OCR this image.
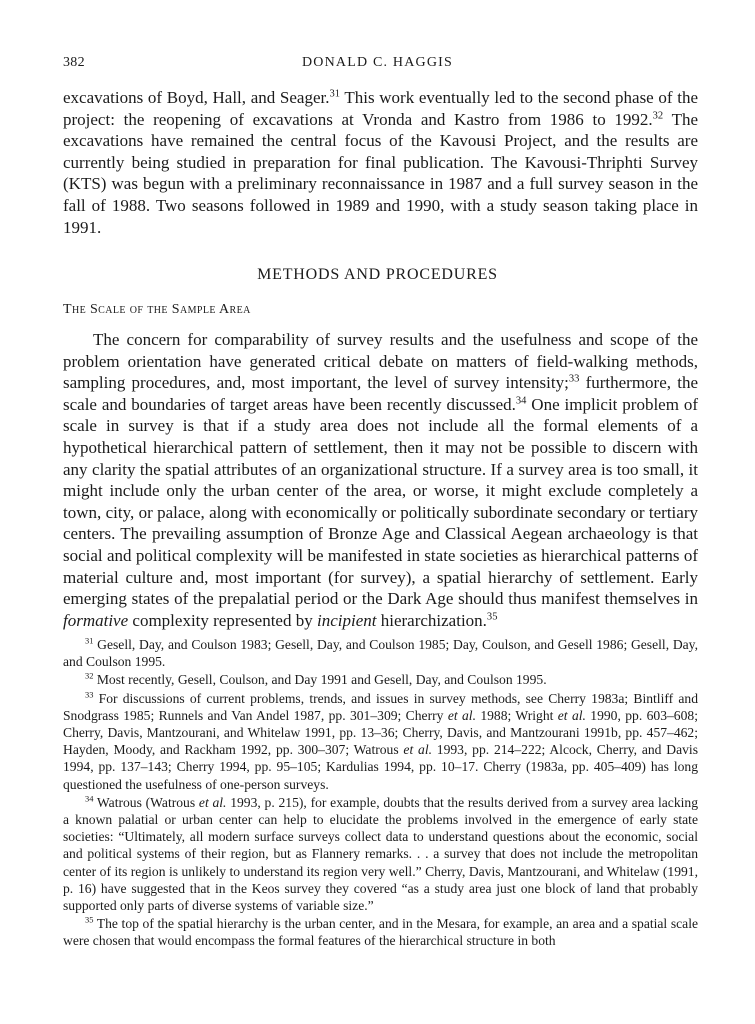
382	DONALD C. HAGGIS

excavations of Boyd, Hall, and Seager.$^{31}$ This work eventually led to the second phase of the project: the reopening of excavations at Vronda and Kastro from 1986 to 1992.32 The excavations have remained the central focus of the Kavousi Project, and the results are currently being studied in preparation for final publication. The Kavousi-Thriphti Survey (KTS) was begun with a preliminary reconnaissance in 1987 and a full survey season in the fall of 1988. Two seasons followed in 1989 and 1990, with a study season taking place in 1991.

METHODS AND PROCEDURES
The Scale of the Sample Area

The concern for comparability of survey results and the usefulness and scope of the problem orientation have generated critical debate on matters of field-walking methods, sampling procedures, and, most important, the level of survey intensity;$^{33}$ furthermore, the scale and boundaries of target areas have been recently discussed.$^{34}$ One implicit problem of scale in survey is that if a study area does not include all the formal elements of a hypothetical hierarchical pattern of settlement, then it may not be possible to discern with any clarity the spatial attributes of an organizational structure. If a survey area is too small, it might include only the urban center of the area, or worse, it might exclude completely a town, city, or palace, along with economically or politically subordinate secondary or tertiary centers. The prevailing assumption of Bronze Age and Classical Aegean archaeology is that social and political complexity will be manifested in state societies as hierarchical patterns of material culture and, most important (for survey), a spatial hierarchy of settlement. Early emerging states of the prepalatial period or the Dark Age should thus manifest themselves in formative complexity represented by incipient hierarchization.$^{35}$

$^{31}$ Gesell, Day, and Coulson 1983; Gesell, Day, and Coulson 1985; Day, Coulson, and Gesell 1986; Gesell, Day, and Coulson 1995.

$^{32}$ Most recently, Gesell, Coulson, and Day 1991 and Gesell, Day, and Coulson 1995.

$^{33}$ For discussions of current problems, trends, and issues in survey methods, see Cherry 1983a; Bintliff and Snodgrass 1985; Runnels and Van Andel 1987, pp. 301–309; Cherry et al. 1988; Wright et al. 1990, pp. 603–608; Cherry, Davis, Mantzourani, and Whitelaw 1991, pp. 13–36; Cherry, Davis, and Mantzourani 1991b, pp. 457–462; Hayden, Moody, and Rackham 1992, pp. 300–307; Watrous et al. 1993, pp. 214–222; Alcock, Cherry, and Davis 1994, pp. 137–143; Cherry 1994, pp. 95–105; Kardulias 1994, pp. 10–17. Cherry (1983a, pp. 405–409) has long questioned the usefulness of one-person surveys.

$^{34}$ Watrous (Watrous et al. 1993, p. 215), for example, doubts that the results derived from a survey area lacking a known palatial or urban center can help to elucidate the problems involved in the emergence of early state societies: “Ultimately, all modern surface surveys collect data to understand questions about the economic, social and political systems of their region, but as Flannery remarks. . . a survey that does not include the metropolitan center of its region is unlikely to understand its region very well.” Cherry, Davis, Mantzourani, and Whitelaw (1991, p. 16) have suggested that in the Keos survey they covered “as a study area just one block of land that probably supported only parts of diverse systems of variable size.”

$^{35}$ The top of the spatial hierarchy is the urban center, and in the Mesara, for example, an area and a spatial scale were chosen that would encompass the formal features of the hierarchical structure in both
